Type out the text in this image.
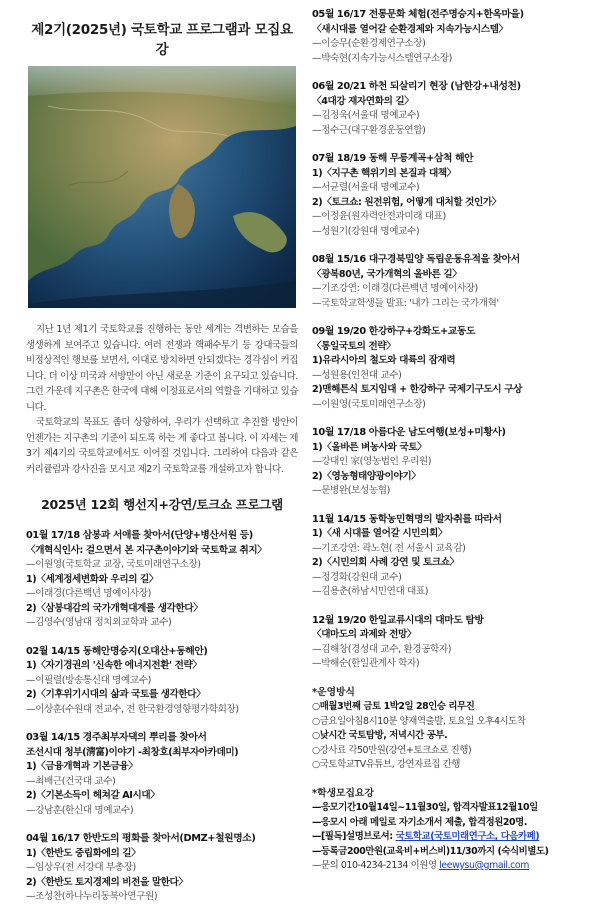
제2기(2025년) 국토학교 프로그램과 모집요강

지난 1년 제1기 국토학교를 진행하는 동안 세계는 격변하는 모습을 생생하게 보여주고 있습니다. 여러 전쟁과 핵패수투기 등 강대국들의 비정상적인 행보를 보면서, 이대로 방치하면 안되겠다는 경각심이 커집니다. 더 이상 미국과 서방만이 아닌 새로운 기준이 요구되고 있습니다. 그런 가운데 지구촌은 한국에 대해 이정표로서의 역할을 기대하고 있습니다.

국토학교의 목표도 좀더 상향하여, 우리가 선택하고 추진할 방안이 언젠가는 지구촌의 기준이 되도록 하는 게 좋다고 봅니다. 이 자세는 제3기 제4기의 국토학교에서도 이어질 것입니다. 그리하여 다음과 같은 커리큘럼과 강사진을 모시고 제2기 국토학교를 개설하고자 합니다.

2025년 12회 행선지+강연/토크쇼 프로그램
01월 17/18 삼봉과 서애를 찾아서(단양+병산서원 등)
〈개혁식인사: 걸으면서 본 지구촌이야기와 국토학교 취지〉
—이원영(국토학교 교장, 국토미래연구소장)
1)〈세계정세변화와 우리의 길〉
—이래경(다른백년 명예이사장)
2)〈삼봉대감의 국가개혁대계를 생각한다〉
—김영수(영남대 정치외교학과 교수)
02월 14/15 동해안명승지(오대산+동해안)
1)〈자기경권의 '신속한 에너지전환' 전략〉
—이필렬(방송통신대 명예교수)
2)〈기후위기시대의 삶과 국토를 생각한다〉
—이상훈(수원대 전교수, 전 한국환경영향평가학회장)
03월 14/15 경주최부자댁의 뿌리를 찾아서
조선시대 청부(淸富)이야기 -최창호(최부자아카데미)
1)〈금융개혁과 기본금융〉
—최배근(건국대 교수)
2)〈기본소득이 헤쳐갈 AI시대〉
—강남훈(한신대 명예교수)
04월 16/17 한반도의 평화를 찾아서(DMZ+철원명소)
1)〈한반도 중립화에의 길〉
—임상우(전 서강대 부총장)
2)〈한반도 토지경제의 비전을 말한다〉
—조성찬(하나누리동북아연구원)
05월 16/17 전통문화 체험(전주명승지+한옥마을)
〈새시대를 열어갈 순환경제와 지속가능시스템〉
—이승무(순환경제연구소장)
—박숙현(지속가능시스템연구소장)
06월 20/21 하천 되살리기 현장 (남한강+내성천)
〈4대강 재자연화의 길〉
—김정욱(서울대 명예교수)
—정수근(대구환경운동연합)
07월 18/19 동해 무릉계곡+삼척 해안
1)〈지구촌 핵위기의 본질과 대책〉
—서균렬(서울대 명예교수)
2)〈토크쇼: 원전위험, 어떻게 대처할 것인가〉
—이정윤(원자력안전과미래 대표)
—성원기(강원대 명예교수)
08월 15/16 대구경북밀양 독립운동유적을 찾아서
〈광복80년, 국가개혁의 올바른 길〉
—기조강연: 이래경(다른백년 명예이사장)
—국토학교학생들 발표: '내가 그리는 국가개혁'
09월 19/20 한강하구+강화도+교동도
〈통일국토의 전략〉
1)유라시아의 철도와 대륙의 잠재력
—성원용(인천대 교수)
2)맨해튼식 토지임대 + 한강하구 국제기구도시 구상
—이원영(국토미래연구소장)
10월 17/18 아름다운 남도여행(보성+미황사)
1)〈올바른 벼농사와 국토〉
—강대인 家(영농법인 우리원)
2)〈영농형태양광이야기〉
—문병완(보성농협)
11월 14/15 동학농민혁명의 발자취를 따라서
1)〈새 시대를 열어갈 시민의회〉
—기조강연: 곽노현( 전 서울시 교육감)
2)〈시민의회 사례 강연 및 토크쇼〉
—정경화(강원대 교수)
—김용춘(하남시민연대 대표)
12월 19/20 한일교류시대의 대마도 탐방
〈대마도의 과제와 전망〉
—김해창(경성대 교수, 환경공학자)
—박해순(한일관계사 학자)
*운영방식
○매월3번째 금토 1박2일 28인승 리무진
○금요일아침8시10분 양재역출발, 토요일 오후4시도착
○낮시간 국토탐방, 저녁시간 공부.
○강사료 각50만원(강연+토크쇼로 진행)
○국토학교TV유튜브, 강연자료집 간행
*학생모집요강
—응모기간10월14일~11월30일, 합격자발표12월10일
—응모시 아래 메일로 자기소개서 제출, 합격정원20명.
—[필독]설명브로셔: 국토학교(국토미래연구소, 다음카페)
—등록금200만원(교육비+버스비)11/30까지 (숙식비별도)
—문의 010-4234-2134 이원영 leewysu@gmail.com
